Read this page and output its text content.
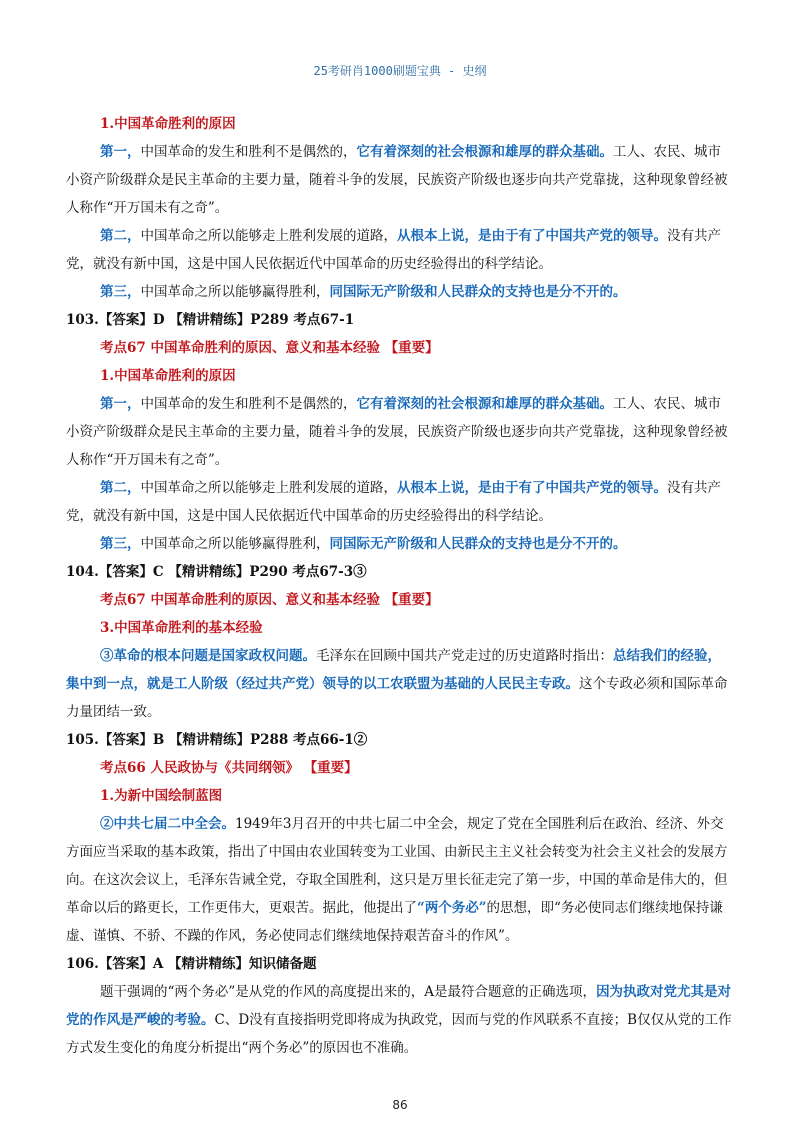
25考研肖1000刷题宝典 - 史纲

1.中国革命胜利的原因

第一，中国革命的发生和胜利不是偶然的，它有着深刻的社会根源和雄厚的群众基础。工人、农民、城市小资产阶级群众是民主革命的主要力量，随着斗争的发展，民族资产阶级也逐步向共产党靠拢，这种现象曾经被人称作“开万国未有之奇”。

第二，中国革命之所以能够走上胜利发展的道路，从根本上说，是由于有了中国共产党的领导。没有共产党，就没有新中国，这是中国人民依据近代中国革命的历史经验得出的科学结论。

第三，中国革命之所以能够赢得胜利，同国际无产阶级和人民群众的支持也是分不开的。

103.【答案】D 【精讲精练】P289 考点67-1

考点67 中国革命胜利的原因、意义和基本经验 【重要】

1.中国革命胜利的原因

第一，中国革命的发生和胜利不是偶然的，它有着深刻的社会根源和雄厚的群众基础。工人、农民、城市小资产阶级群众是民主革命的主要力量，随着斗争的发展，民族资产阶级也逐步向共产党靠拢，这种现象曾经被人称作“开万国未有之奇”。

第二，中国革命之所以能够走上胜利发展的道路，从根本上说，是由于有了中国共产党的领导。没有共产党，就没有新中国，这是中国人民依据近代中国革命的历史经验得出的科学结论。

第三，中国革命之所以能够赢得胜利，同国际无产阶级和人民群众的支持也是分不开的。

104.【答案】C 【精讲精练】P290 考点67-3③

考点67 中国革命胜利的原因、意义和基本经验 【重要】

3.中国革命胜利的基本经验

③革命的根本问题是国家政权问题。毛泽东在回顾中国共产党走过的历史道路时指出：总结我们的经验，集中到一点，就是工人阶级（经过共产党）领导的以工农联盟为基础的人民民主专政。这个专政必须和国际革命力量团结一致。

105.【答案】B 【精讲精练】P288 考点66-1②

考点66 人民政协与《共同纲领》 【重要】

1.为新中国绘制蓝图

②中共七届二中全会。1949年3月召开的中共七届二中全会，规定了党在全国胜利后在政治、经济、外交方面应当采取的基本政策，指出了中国由农业国转变为工业国、由新民主主义社会转变为社会主义社会的发展方向。在这次会议上，毛泽东告诫全党，夺取全国胜利，这只是万里长征走完了第一步，中国的革命是伟大的，但革命以后的路更长，工作更伟大，更艰苦。据此，他提出了“两个务必”的思想，即“务必使同志们继续地保持谦虚、谨慎、不骄、不躁的作风，务必使同志们继续地保持艰苦奋斗的作风”。

106.【答案】A 【精讲精练】知识储备题

题干强调的“两个务必”是从党的作风的高度提出来的，A是最符合题意的正确选项，因为执政对党尤其是对党的作风是严峻的考验。C、D没有直接指明党即将成为执政党，因而与党的作风联系不直接；B仅仅从党的工作方式发生变化的角度分析提出“两个务必”的原因也不准确。

86
